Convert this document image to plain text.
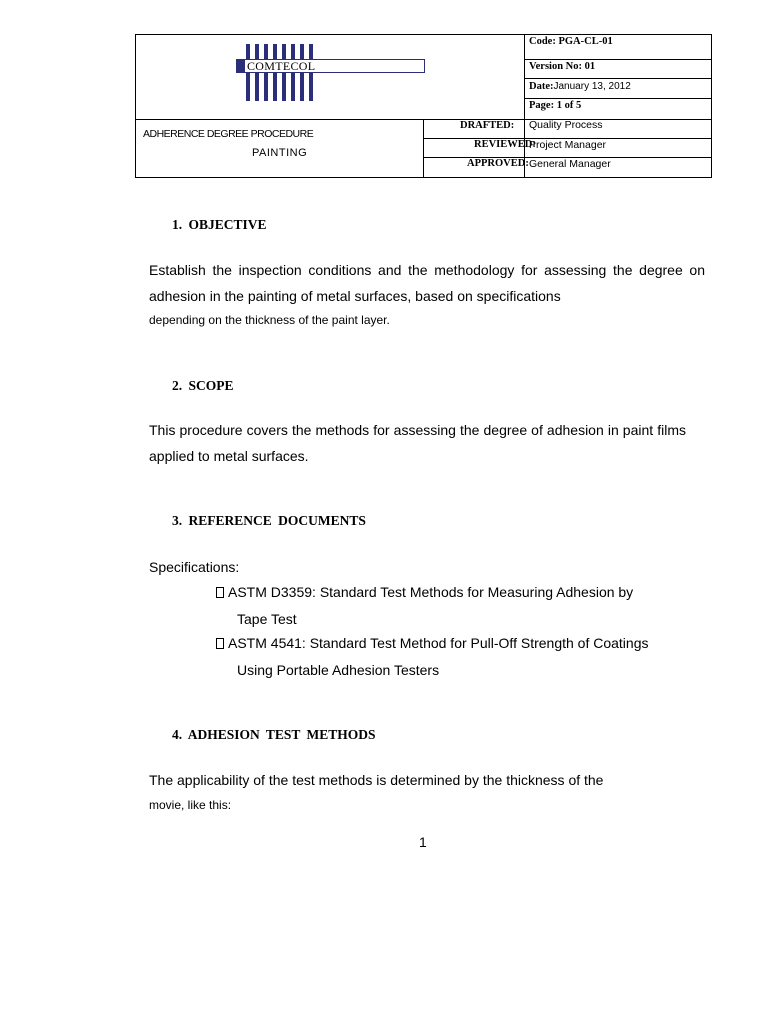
COMTECOL
Code: PGA-CL-01
Version No: 01
Date:January 13, 2012
Page: 1 of 5
ADHERENCE DEGREE PROCEDURE
PAINTING
DRAFTED: Quality Process
REVIEWED:
Project Manager
APPROVED: General Manager
1. OBJECTIVE
Establish the inspection conditions and the methodology for assessing the degree on adhesion in the painting of metal surfaces, based on specifications
depending on the thickness of the paint layer.
2. SCOPE
This procedure covers the methods for assessing the degree of adhesion in paint films applied to metal surfaces.
3. REFERENCE DOCUMENTS
Specifications:
ASTM D3359: Standard Test Methods for Measuring Adhesion by
Tape Test
ASTM 4541: Standard Test Method for Pull-Off Strength of Coatings
Using Portable Adhesion Testers
4. ADHESION TEST METHODS
The applicability of the test methods is determined by the thickness of the
movie, like this:
1
